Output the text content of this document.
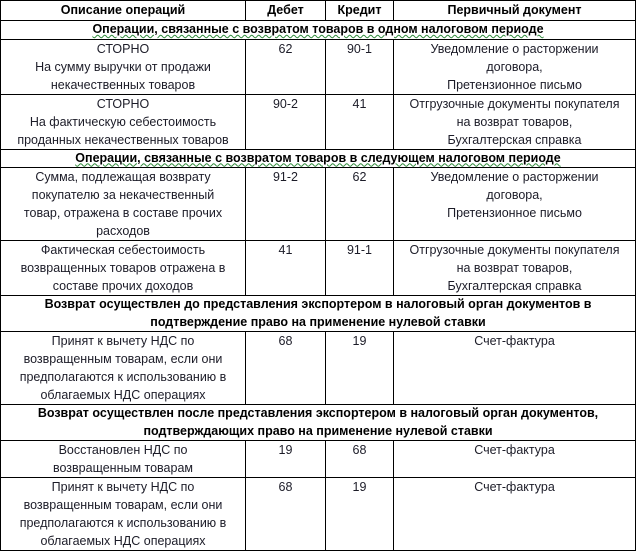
Описание операций	Дебет	Кредит	Первичный документ

Операции, связанные с возвратом товаров в одном налоговом периоде			

СТОРНО
На сумму выручки от продажи
некачественных товаров	62	90-1	Уведомление о расторжении
договора,
Претензионное письмо

СТОРНО
На фактическую себестоимость
проданных некачественных товаров	90-2	41	Отгрузочные документы покупателя
на возврат товаров,
Бухгалтерская справка

Операции, связанные с возвратом товаров в следующем налоговом периоде			

Сумма, подлежащая возврату
покупателю за некачественный
товар, отражена в составе прочих
расходов	91-2	62	Уведомление о расторжении
договора,
Претензионное письмо

Фактическая себестоимость
возвращенных товаров отражена в
составе прочих доходов	41	91-1	Отгрузочные документы покупателя
на возврат товаров,
Бухгалтерская справка

Возврат осуществлен до представления экспортером в налоговый орган документов в
подтверждение право на применение нулевой ставки			

Принят к вычету НДС по
возвращенным товарам, если они
предполагаются к использованию в
облагаемых НДС операциях	68	19	Счет-фактура

Возврат осуществлен после представления экспортером в налоговый орган документов,
подтверждающих право на применение нулевой ставки			

Восстановлен НДС по
возвращенным товарам	19	68	Счет-фактура

Принят к вычету НДС по
возвращенным товарам, если они
предполагаются к использованию в
облагаемых НДС операциях	68	19	Счет-фактура
